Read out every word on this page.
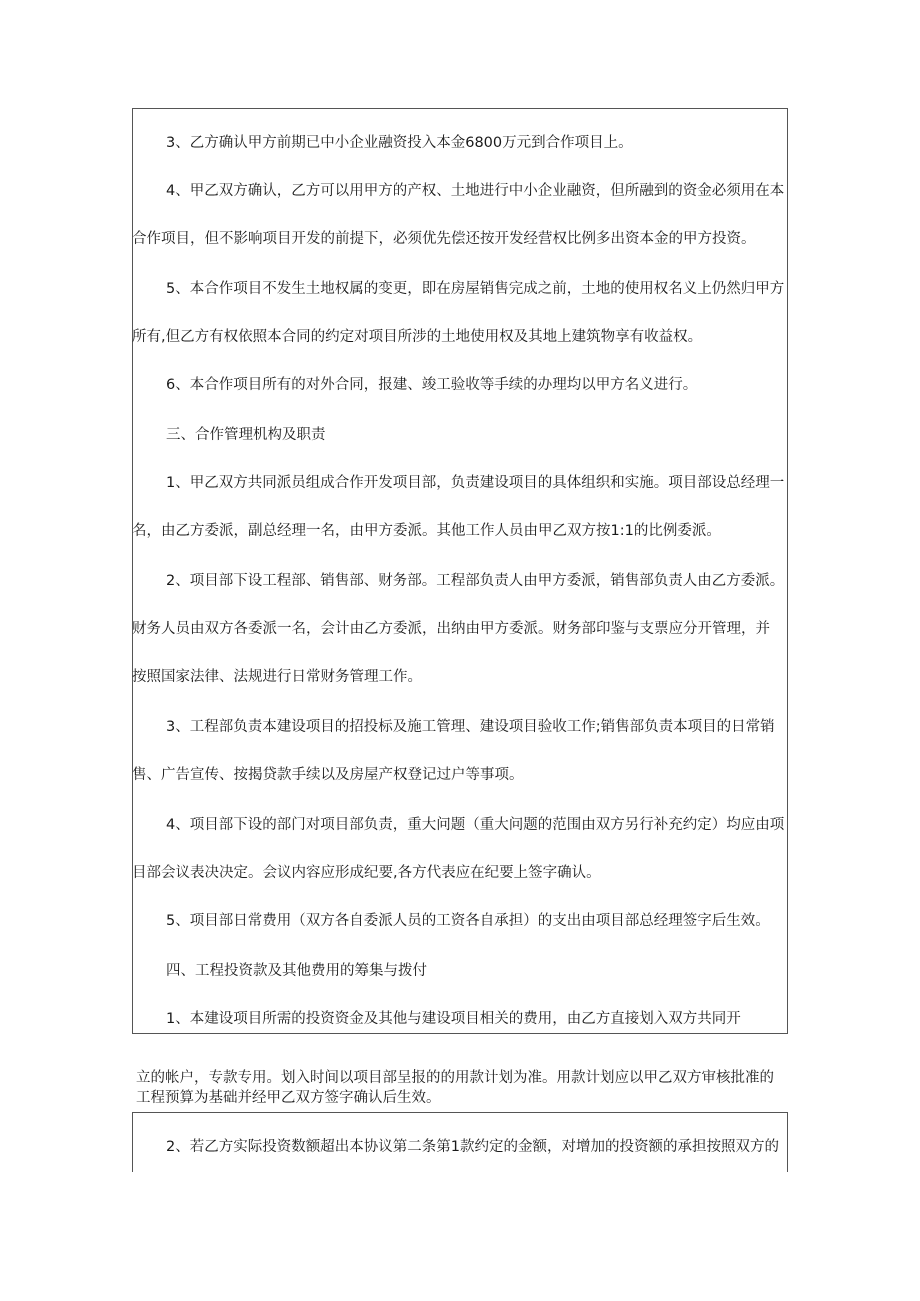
3、乙方确认甲方前期已中小企业融资投入本金6800万元到合作项目上。

4、甲乙双方确认，乙方可以用甲方的产权、土地进行中小企业融资，但所融到的资金必须用在本

合作项目，但不影响项目开发的前提下，必须优先偿还按开发经营权比例多出资本金的甲方投资。

5、本合作项目不发生土地权属的变更，即在房屋销售完成之前，土地的使用权名义上仍然归甲方

所有,但乙方有权依照本合同的约定对项目所涉的土地使用权及其地上建筑物享有收益权。

6、本合作项目所有的对外合同，报建、竣工验收等手续的办理均以甲方名义进行。

三、合作管理机构及职责

1、甲乙双方共同派员组成合作开发项目部，负责建设项目的具体组织和实施。项目部设总经理一

名，由乙方委派，副总经理一名，由甲方委派。其他工作人员由甲乙双方按1:1的比例委派。

2、项目部下设工程部、销售部、财务部。工程部负责人由甲方委派，销售部负责人由乙方委派。

财务人员由双方各委派一名，会计由乙方委派，出纳由甲方委派。财务部印鉴与支票应分开管理，并

按照国家法律、法规进行日常财务管理工作。

3、工程部负责本建设项目的招投标及施工管理、建设项目验收工作;销售部负责本项目的日常销

售、广告宣传、按揭贷款手续以及房屋产权登记过户等事项。

4、项目部下设的部门对项目部负责，重大问题（重大问题的范围由双方另行补充约定）均应由项

目部会议表决决定。会议内容应形成纪要,各方代表应在纪要上签字确认。

5、项目部日常费用（双方各自委派人员的工资各自承担）的支出由项目部总经理签字后生效。

四、工程投资款及其他费用的筹集与拨付

1、本建设项目所需的投资资金及其他与建设项目相关的费用，由乙方直接划入双方共同开

立的帐户，专款专用。划入时间以项目部呈报的的用款计划为准。用款计划应以甲乙双方审核批准的

工程预算为基础并经甲乙双方签字确认后生效。

2、若乙方实际投资数额超出本协议第二条第1款约定的金额，对增加的投资额的承担按照双方的
